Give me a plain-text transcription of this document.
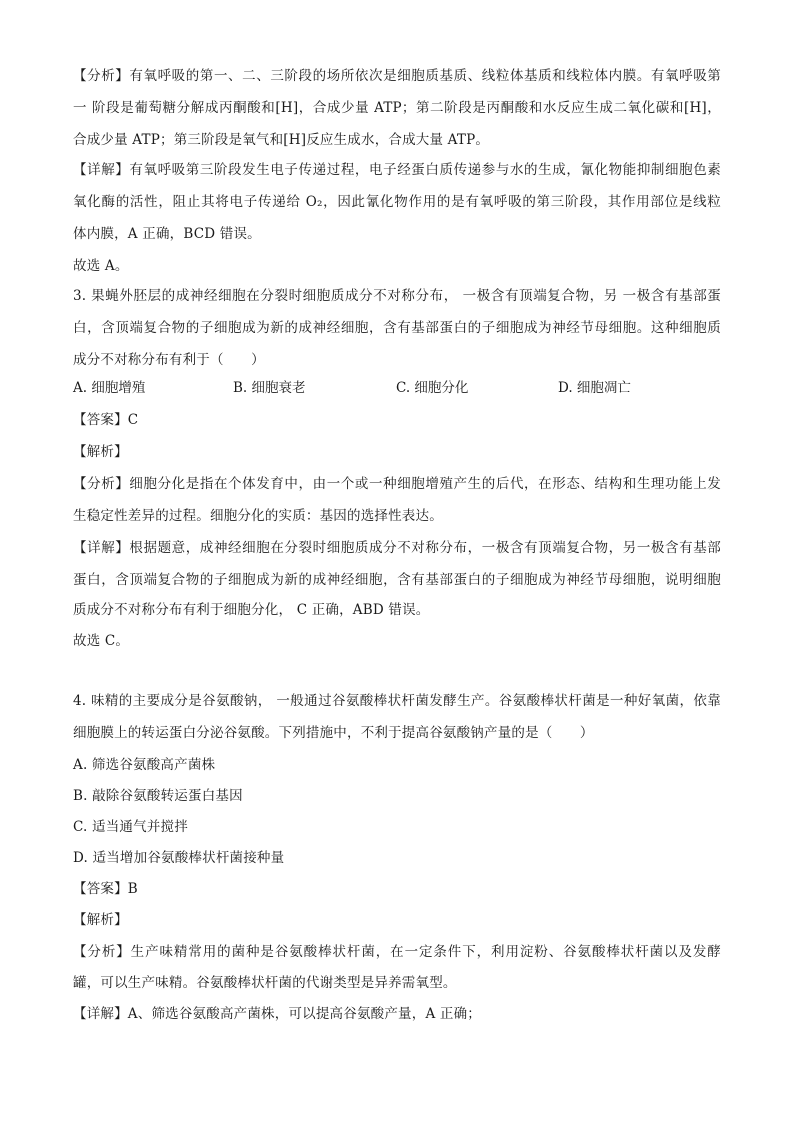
【分析】有氧呼吸的第一、二、三阶段的场所依次是细胞质基质、线粒体基质和线粒体内膜。有氧呼吸第
一 阶段是葡萄糖分解成丙酮酸和[H]，合成少量 ATP；第二阶段是丙酮酸和水反应生成二氧化碳和[H]，
合成少量 ATP；第三阶段是氧气和[H]反应生成水，合成大量 ATP。
【详解】有氧呼吸第三阶段发生电子传递过程，电子经蛋白质传递参与水的生成，氰化物能抑制细胞色素
氧化酶的活性，阻止其将电子传递给 O₂，因此氰化物作用的是有氧呼吸的第三阶段，其作用部位是线粒
体内膜，A 正确，BCD 错误。
故选 A。
3. 果蝇外胚层的成神经细胞在分裂时细胞质成分不对称分布， 一极含有顶端复合物，另 一极含有基部蛋
白，含顶端复合物的子细胞成为新的成神经细胞，含有基部蛋白的子细胞成为神经节母细胞。这种细胞质
成分不对称分布有利于（　　）
A. 细胞增殖	B. 细胞衰老	C. 细胞分化	D. 细胞凋亡
【答案】C
【解析】
【分析】细胞分化是指在个体发育中，由一个或一种细胞增殖产生的后代，在形态、结构和生理功能上发
生稳定性差异的过程。细胞分化的实质：基因的选择性表达。
【详解】根据题意，成神经细胞在分裂时细胞质成分不对称分布，一极含有顶端复合物，另一极含有基部
蛋白，含顶端复合物的子细胞成为新的成神经细胞，含有基部蛋白的子细胞成为神经节母细胞，说明细胞
质成分不对称分布有利于细胞分化， C 正确，ABD 错误。
故选 C。
4. 味精的主要成分是谷氨酸钠， 一般通过谷氨酸棒状杆菌发酵生产。谷氨酸棒状杆菌是一种好氧菌，依靠
细胞膜上的转运蛋白分泌谷氨酸。下列措施中，不利于提高谷氨酸钠产量的是（　　）
A. 筛选谷氨酸高产菌株
B. 敲除谷氨酸转运蛋白基因
C. 适当通气并搅拌
D. 适当增加谷氨酸棒状杆菌接种量
【答案】B
【解析】
【分析】生产味精常用的菌种是谷氨酸棒状杆菌，在一定条件下，利用淀粉、谷氨酸棒状杆菌以及发酵
罐，可以生产味精。谷氨酸棒状杆菌的代谢类型是异养需氧型。
【详解】A、筛选谷氨酸高产菌株，可以提高谷氨酸产量，A 正确；
